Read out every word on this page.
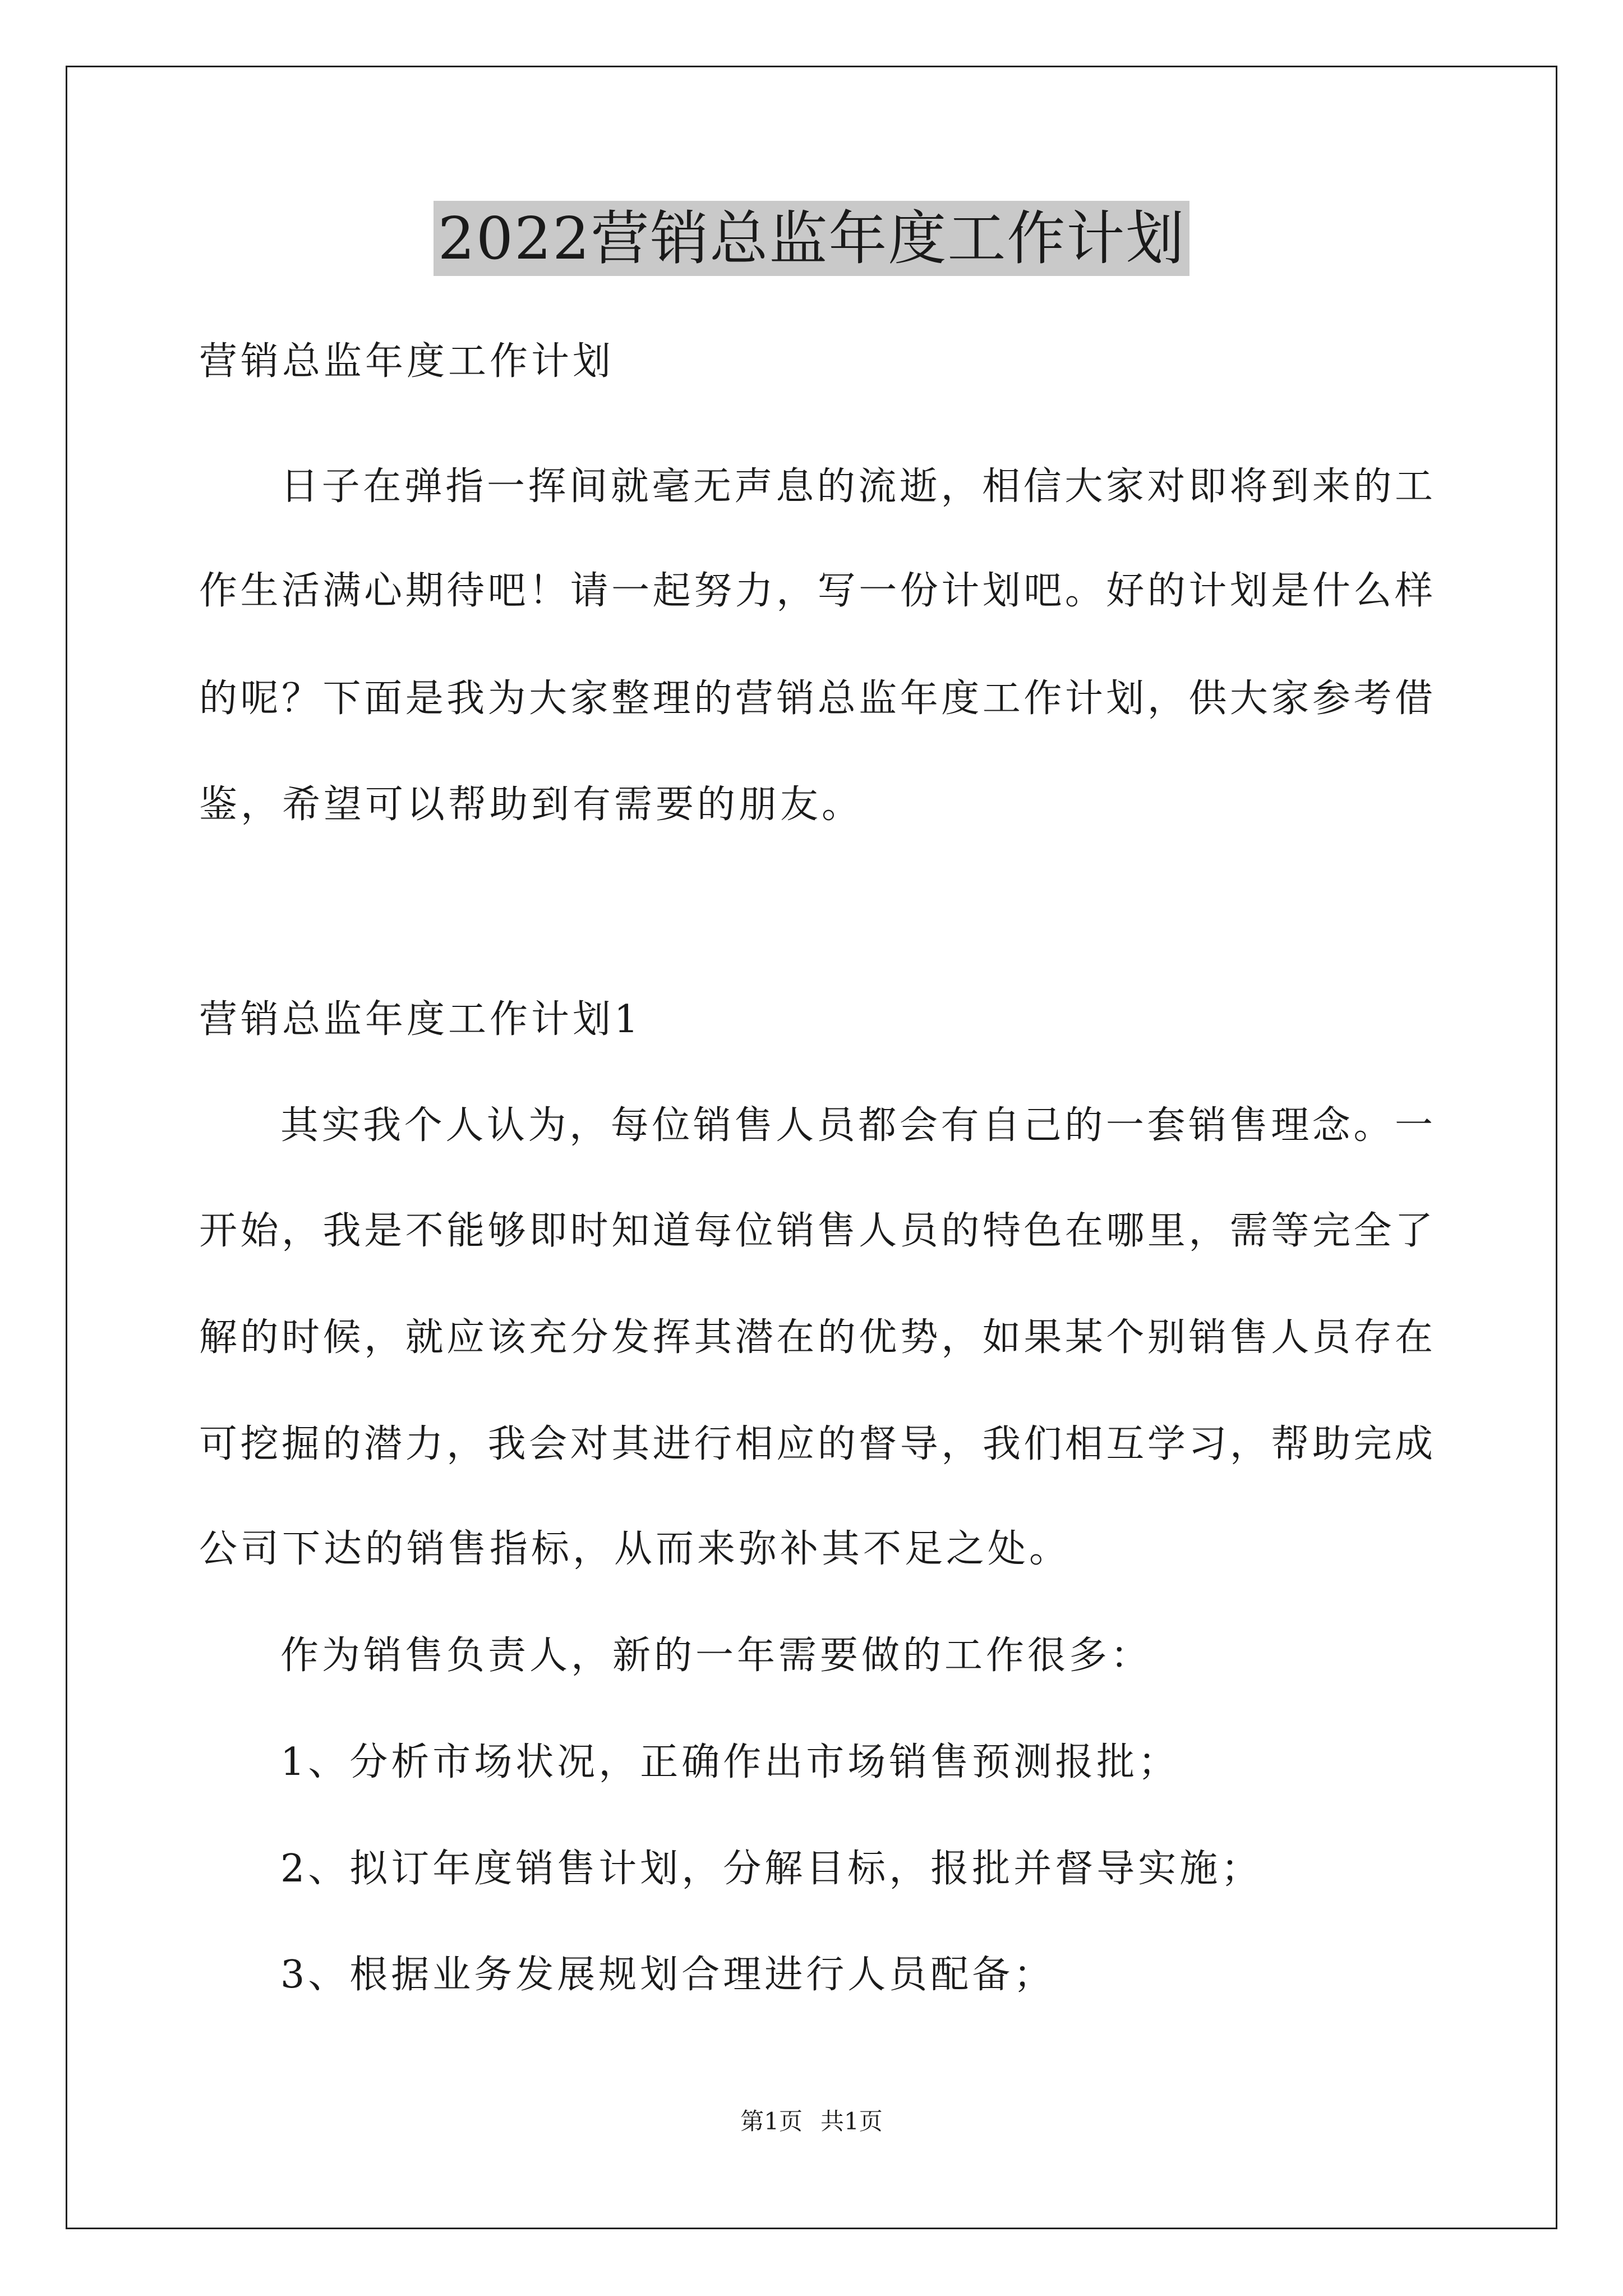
2022营销总监年度工作计划
营销总监年度工作计划
日子在弹指一挥间就毫无声息的流逝，相信大家对即将到来的工
作生活满心期待吧！请一起努力，写一份计划吧。好的计划是什么样
的呢？下面是我为大家整理的营销总监年度工作计划，供大家参考借
鉴，希望可以帮助到有需要的朋友。
营销总监年度工作计划1
其实我个人认为，每位销售人员都会有自己的一套销售理念。一
开始，我是不能够即时知道每位销售人员的特色在哪里，需等完全了
解的时候，就应该充分发挥其潜在的优势，如果某个别销售人员存在
可挖掘的潜力，我会对其进行相应的督导，我们相互学习，帮助完成
公司下达的销售指标，从而来弥补其不足之处。
作为销售负责人，新的一年需要做的工作很多：
1、分析市场状况，正确作出市场销售预测报批；
2、拟订年度销售计划，分解目标，报批并督导实施；
3、根据业务发展规划合理进行人员配备；
第1页 共1页
